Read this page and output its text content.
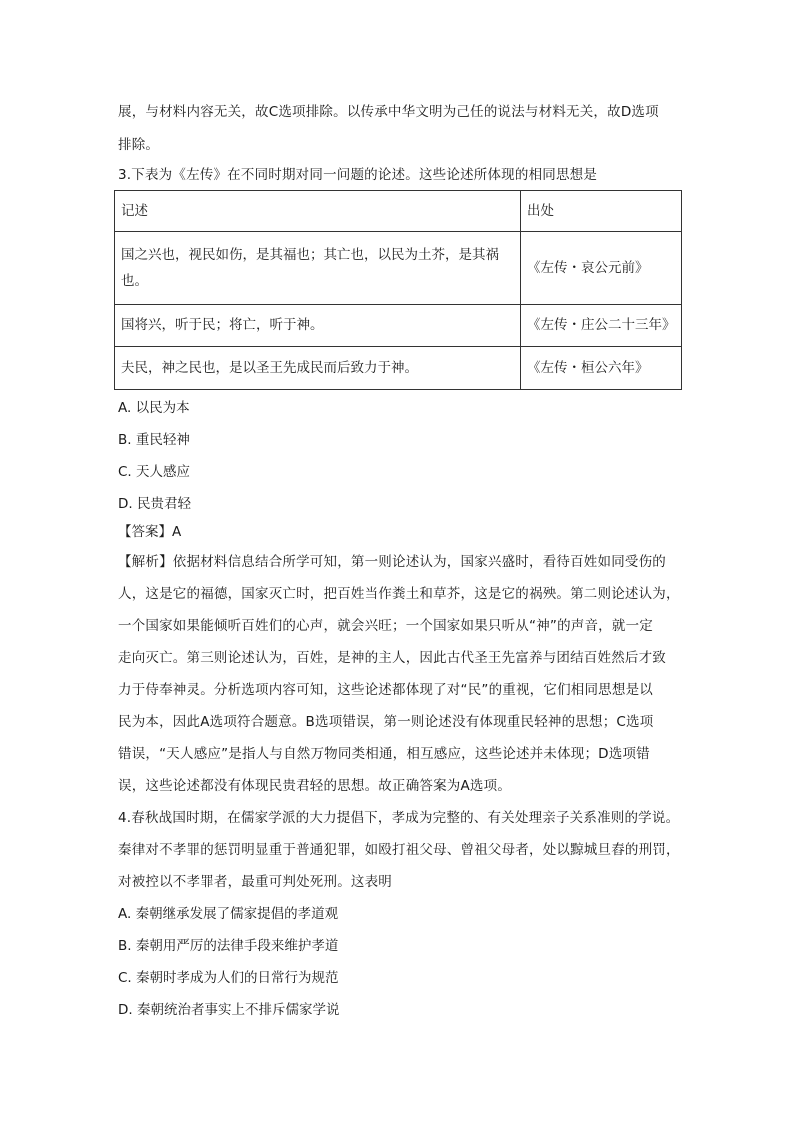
展，与材料内容无关，故C选项排除。以传承中华文明为己任的说法与材料无关，故D选项
排除。
3.下表为《左传》在不同时期对同一问题的论述。这些论述所体现的相同思想是
记述	出处
国之兴也，视民如伤，是其福也；其亡也，以民为土芥，是其祸也。	《左传・哀公元前》
国将兴，听于民；将亡，听于神。	《左传・庄公二十三年》
夫民，神之民也，是以圣王先成民而后致力于神。	《左传・桓公六年》
A. 以民为本
B. 重民轻神
C. 天人感应
D. 民贵君轻
【答案】A
【解析】依据材料信息结合所学可知，第一则论述认为，国家兴盛时，看待百姓如同受伤的
人，这是它的福德，国家灭亡时，把百姓当作粪土和草芥，这是它的祸殃。第二则论述认为，
一个国家如果能倾听百姓们的心声，就会兴旺；一个国家如果只听从“神”的声音，就一定
走向灭亡。第三则论述认为，百姓，是神的主人，因此古代圣王先富养与团结百姓然后才致
力于侍奉神灵。分析选项内容可知，这些论述都体现了对“民”的重视，它们相同思想是以
民为本，因此A选项符合题意。B选项错误，第一则论述没有体现重民轻神的思想；C选项
错误，“天人感应”是指人与自然万物同类相通，相互感应，这些论述并未体现；D选项错
误，这些论述都没有体现民贵君轻的思想。故正确答案为A选项。
4.春秋战国时期，在儒家学派的大力提倡下，孝成为完整的、有关处理亲子关系准则的学说。
秦律对不孝罪的惩罚明显重于普通犯罪，如殴打祖父母、曾祖父母者，处以黥城旦舂的刑罚，
对被控以不孝罪者，最重可判处死刑。这表明
A. 秦朝继承发展了儒家提倡的孝道观
B. 秦朝用严厉的法律手段来维护孝道
C. 秦朝时孝成为人们的日常行为规范
D. 秦朝统治者事实上不排斥儒家学说
